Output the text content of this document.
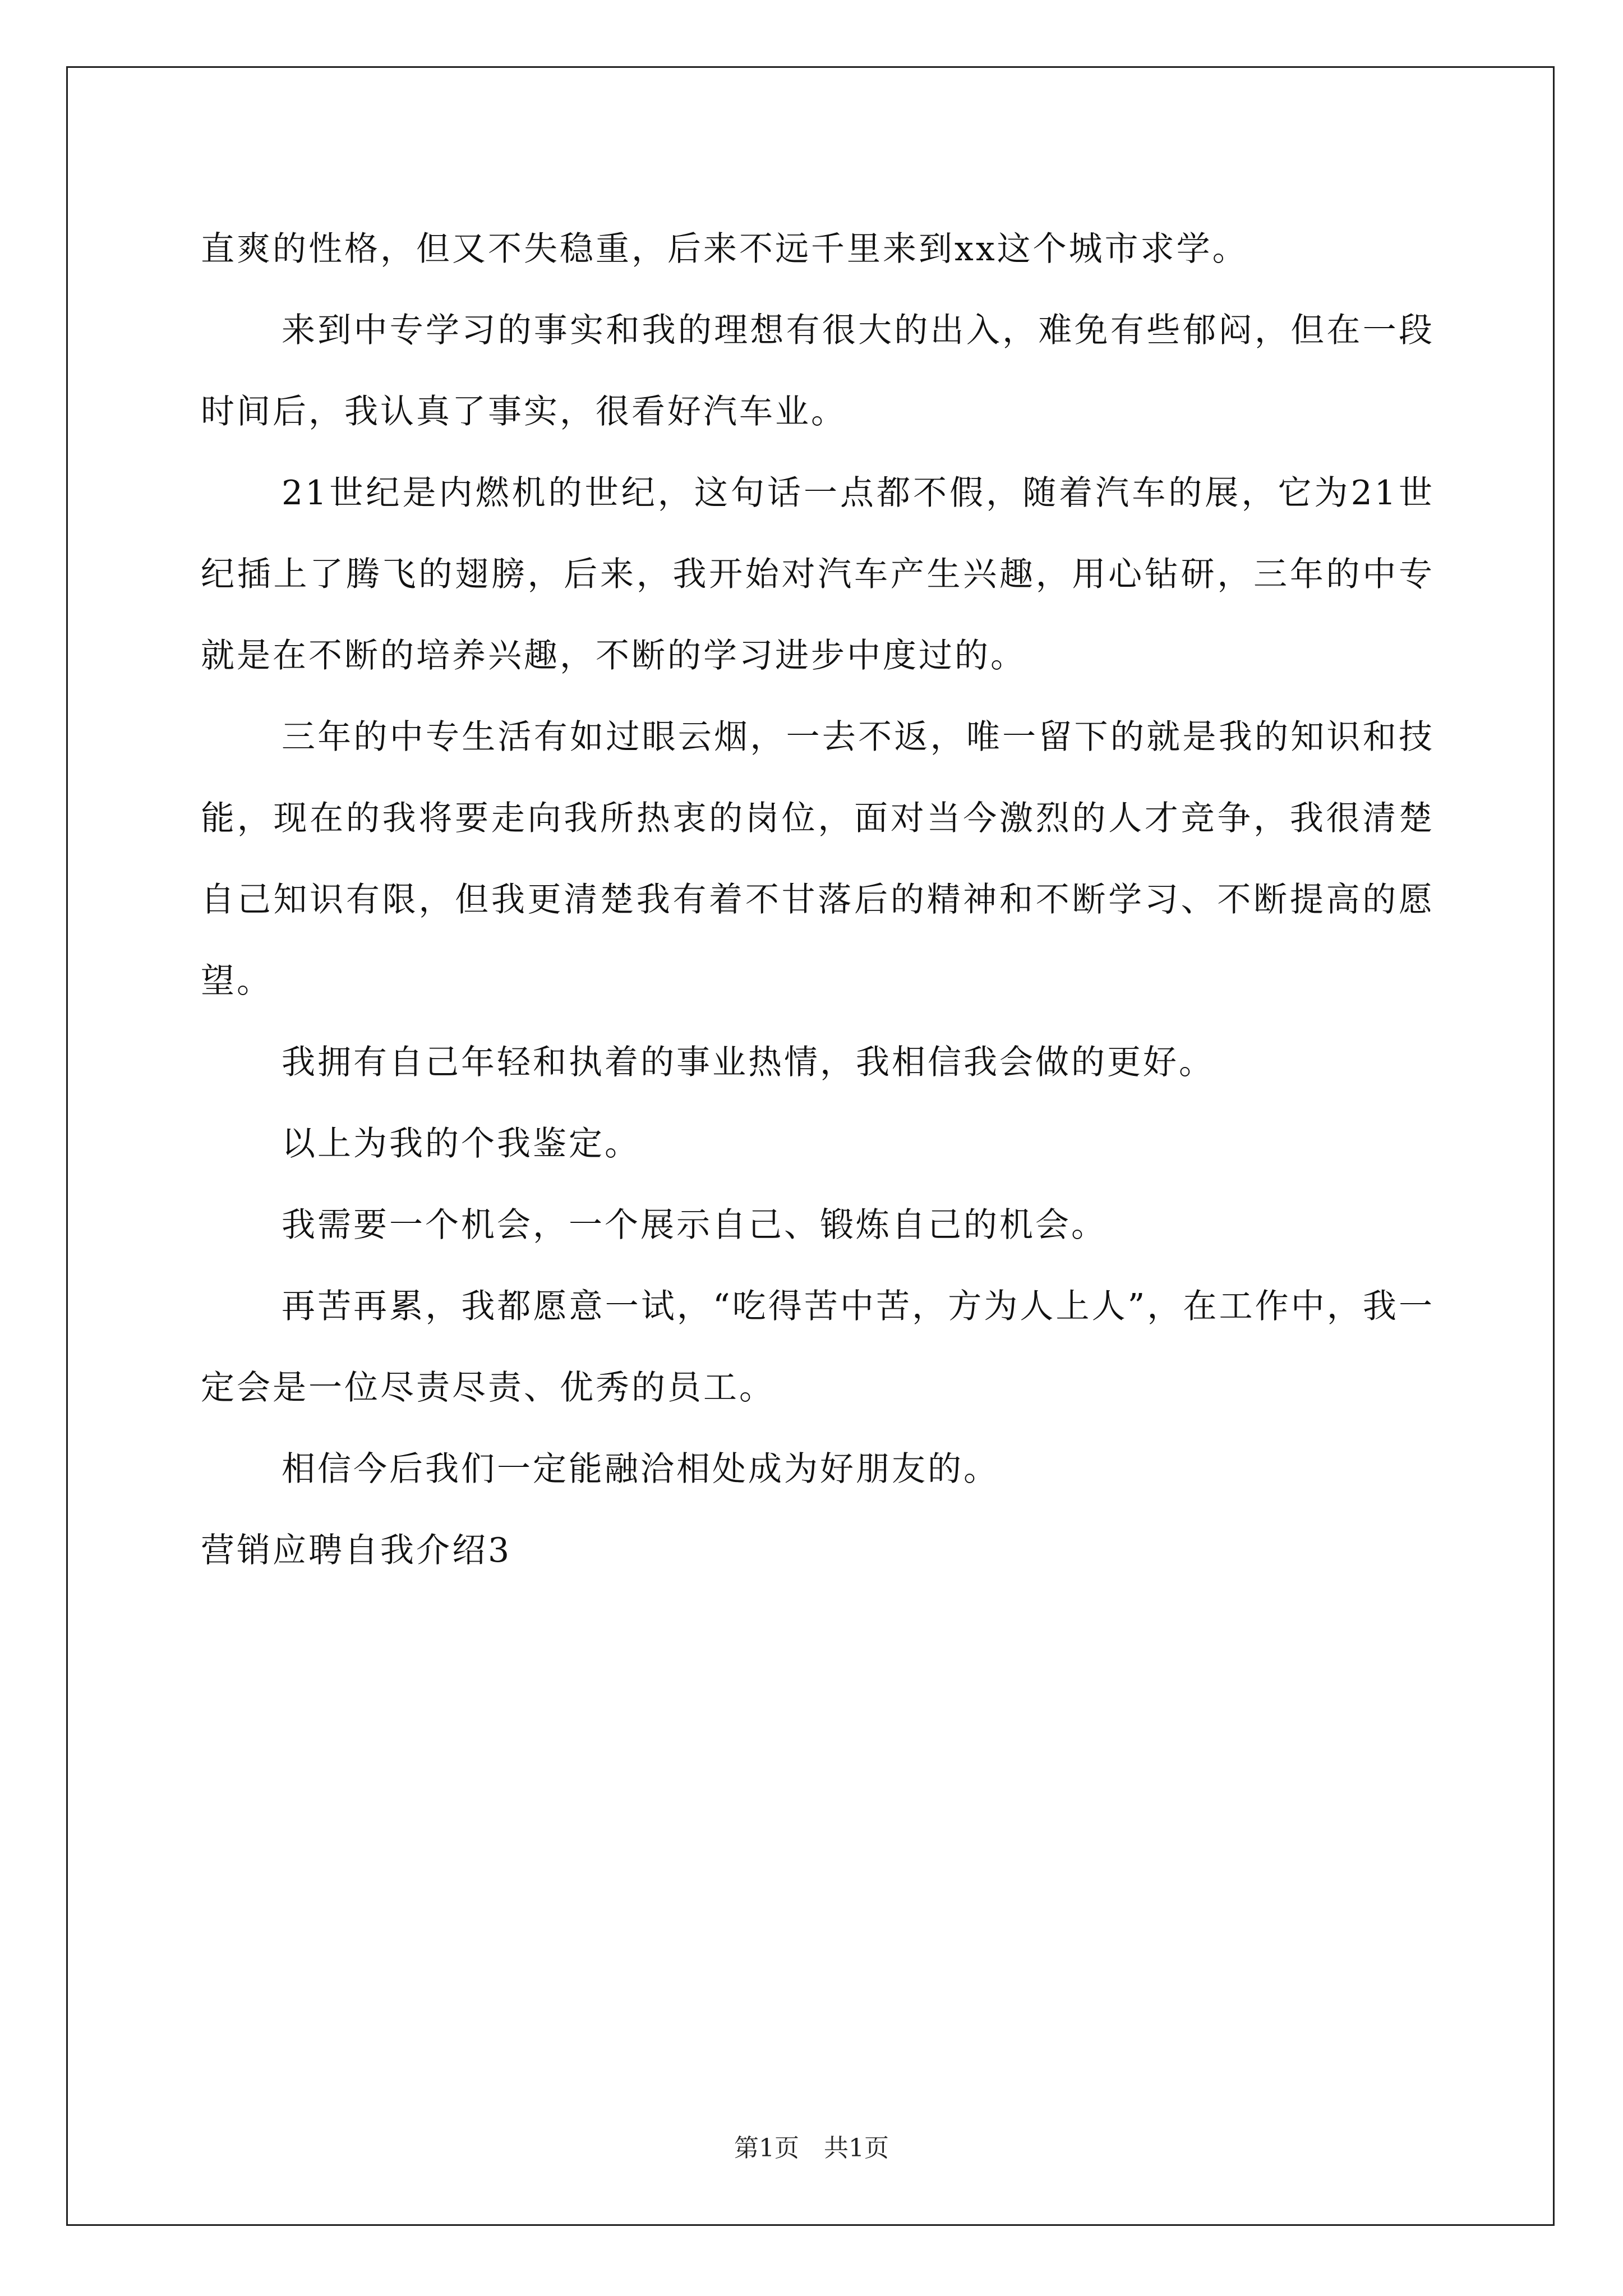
直爽的性格，但又不失稳重，后来不远千里来到xx这个城市求学。

来到中专学习的事实和我的理想有很大的出入，难免有些郁闷，但在一段时间后，我认真了事实，很看好汽车业。

21世纪是内燃机的世纪，这句话一点都不假，随着汽车的展，它为21世纪插上了腾飞的翅膀，后来，我开始对汽车产生兴趣，用心钻研，三年的中专就是在不断的培养兴趣，不断的学习进步中度过的。

三年的中专生活有如过眼云烟，一去不返，唯一留下的就是我的知识和技能，现在的我将要走向我所热衷的岗位，面对当今激烈的人才竞争，我很清楚自己知识有限，但我更清楚我有着不甘落后的精神和不断学习、不断提高的愿望。

我拥有自己年轻和执着的事业热情，我相信我会做的更好。

以上为我的个我鉴定。

我需要一个机会，一个展示自己、锻炼自己的机会。

再苦再累，我都愿意一试，“吃得苦中苦，方为人上人”，在工作中，我一定会是一位尽责尽责、优秀的员工。

相信今后我们一定能融洽相处成为好朋友的。

营销应聘自我介绍3
第1页　共1页
